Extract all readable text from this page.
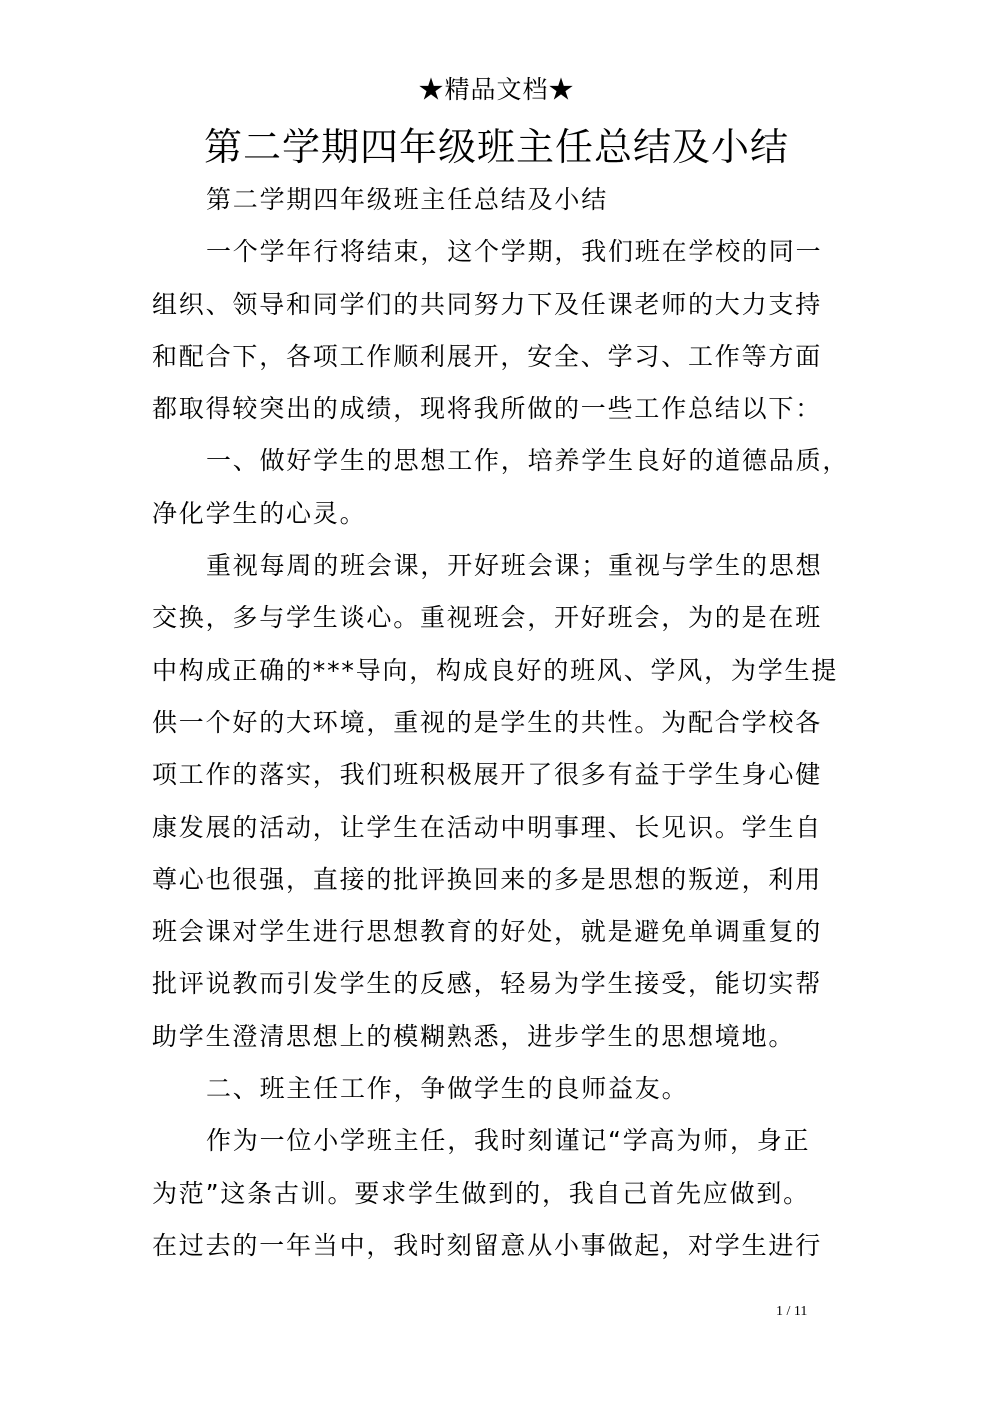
★精品文档★
第二学期四年级班主任总结及小结
第二学期四年级班主任总结及小结
一个学年行将结束，这个学期，我们班在学校的同一
组织、领导和同学们的共同努力下及任课老师的大力支持
和配合下，各项工作顺利展开，安全、学习、工作等方面
都取得较突出的成绩，现将我所做的一些工作总结以下：
一、做好学生的思想工作，培养学生良好的道德品质，
净化学生的心灵。
重视每周的班会课，开好班会课；重视与学生的思想
交换，多与学生谈心。重视班会，开好班会，为的是在班
中构成正确的***导向，构成良好的班风、学风，为学生提
供一个好的大环境，重视的是学生的共性。为配合学校各
项工作的落实，我们班积极展开了很多有益于学生身心健
康发展的活动，让学生在活动中明事理、长见识。学生自
尊心也很强，直接的批评换回来的多是思想的叛逆，利用
班会课对学生进行思想教育的好处，就是避免单调重复的
批评说教而引发学生的反感，轻易为学生接受，能切实帮
助学生澄清思想上的模糊熟悉，进步学生的思想境地。
二、班主任工作，争做学生的良师益友。
作为一位小学班主任，我时刻谨记“学高为师，身正
为范”这条古训。要求学生做到的，我自己首先应做到。
在过去的一年当中，我时刻留意从小事做起，对学生进行
1 / 11
